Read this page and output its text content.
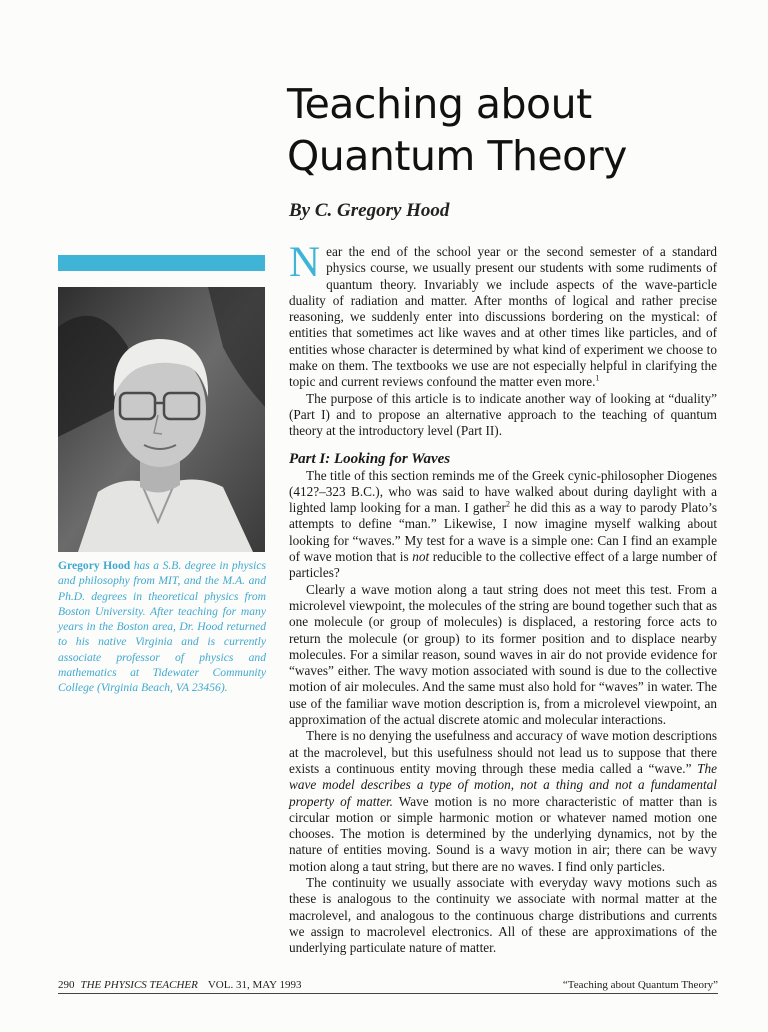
Teaching about Quantum Theory
By C. Gregory Hood
Gregory Hood has a S.B. degree in physics and philosophy from MIT, and the M.A. and Ph.D. degrees in theoretical physics from Boston University. After teaching for many years in the Boston area, Dr. Hood returned to his native Virginia and is currently associate professor of physics and mathematics at Tidewater Community College (Virginia Beach, VA 23456).

Near the end of the school year or the second semester of a standard physics course, we usually present our students with some rudiments of quantum theory. Invariably we include aspects of the wave-particle duality of radiation and matter. After months of logical and rather precise reasoning, we suddenly enter into discussions bordering on the mystical: of entities that sometimes act like waves and at other times like particles, and of entities whose character is determined by what kind of experiment we choose to make on them. The textbooks we use are not especially helpful in clarifying the topic and current reviews confound the matter even more.$^1$

The purpose of this article is to indicate another way of looking at “duality” (Part I) and to propose an alternative approach to the teaching of quantum theory at the introductory level (Part II).

Part I: Looking for Waves

The title of this section reminds me of the Greek cynic-philosopher Diogenes (412?–323 B.C.), who was said to have walked about during daylight with a lighted lamp looking for a man. I gather$^2$ he did this as a way to parody Plato’s attempts to define “man.” Likewise, I now imagine myself walking about looking for “waves.” My test for a wave is a simple one: Can I find an example of wave motion that is not reducible to the collective effect of a large number of particles?

Clearly a wave motion along a taut string does not meet this test. From a microlevel viewpoint, the molecules of the string are bound together such that as one molecule (or group of molecules) is displaced, a restoring force acts to return the molecule (or group) to its former position and to displace nearby molecules. For a similar reason, sound waves in air do not provide evidence for “waves” either. The wavy motion associated with sound is due to the collective motion of air molecules. And the same must also hold for “waves” in water. The use of the familiar wave motion description is, from a microlevel viewpoint, an approximation of the actual discrete atomic and molecular interactions.

There is no denying the usefulness and accuracy of wave motion descriptions at the macrolevel, but this usefulness should not lead us to suppose that there exists a continuous entity moving through these media called a “wave.” The wave model describes a type of motion, not a thing and not a fundamental property of matter. Wave motion is no more characteristic of matter than is circular motion or simple harmonic motion or whatever named motion one chooses. The motion is determined by the underlying dynamics, not by the nature of entities moving. Sound is a wavy motion in air; there can be wavy motion along a taut string, but there are no waves. I find only particles.

The continuity we usually associate with everyday wavy motions such as these is analogous to the continuity we associate with normal matter at the macrolevel, and analogous to the continuous charge distributions and currents we assign to macrolevel electronics. All of these are approximations of the underlying particulate nature of matter.

290 THE PHYSICS TEACHER VOL. 31, MAY 1993	“Teaching about Quantum Theory”
